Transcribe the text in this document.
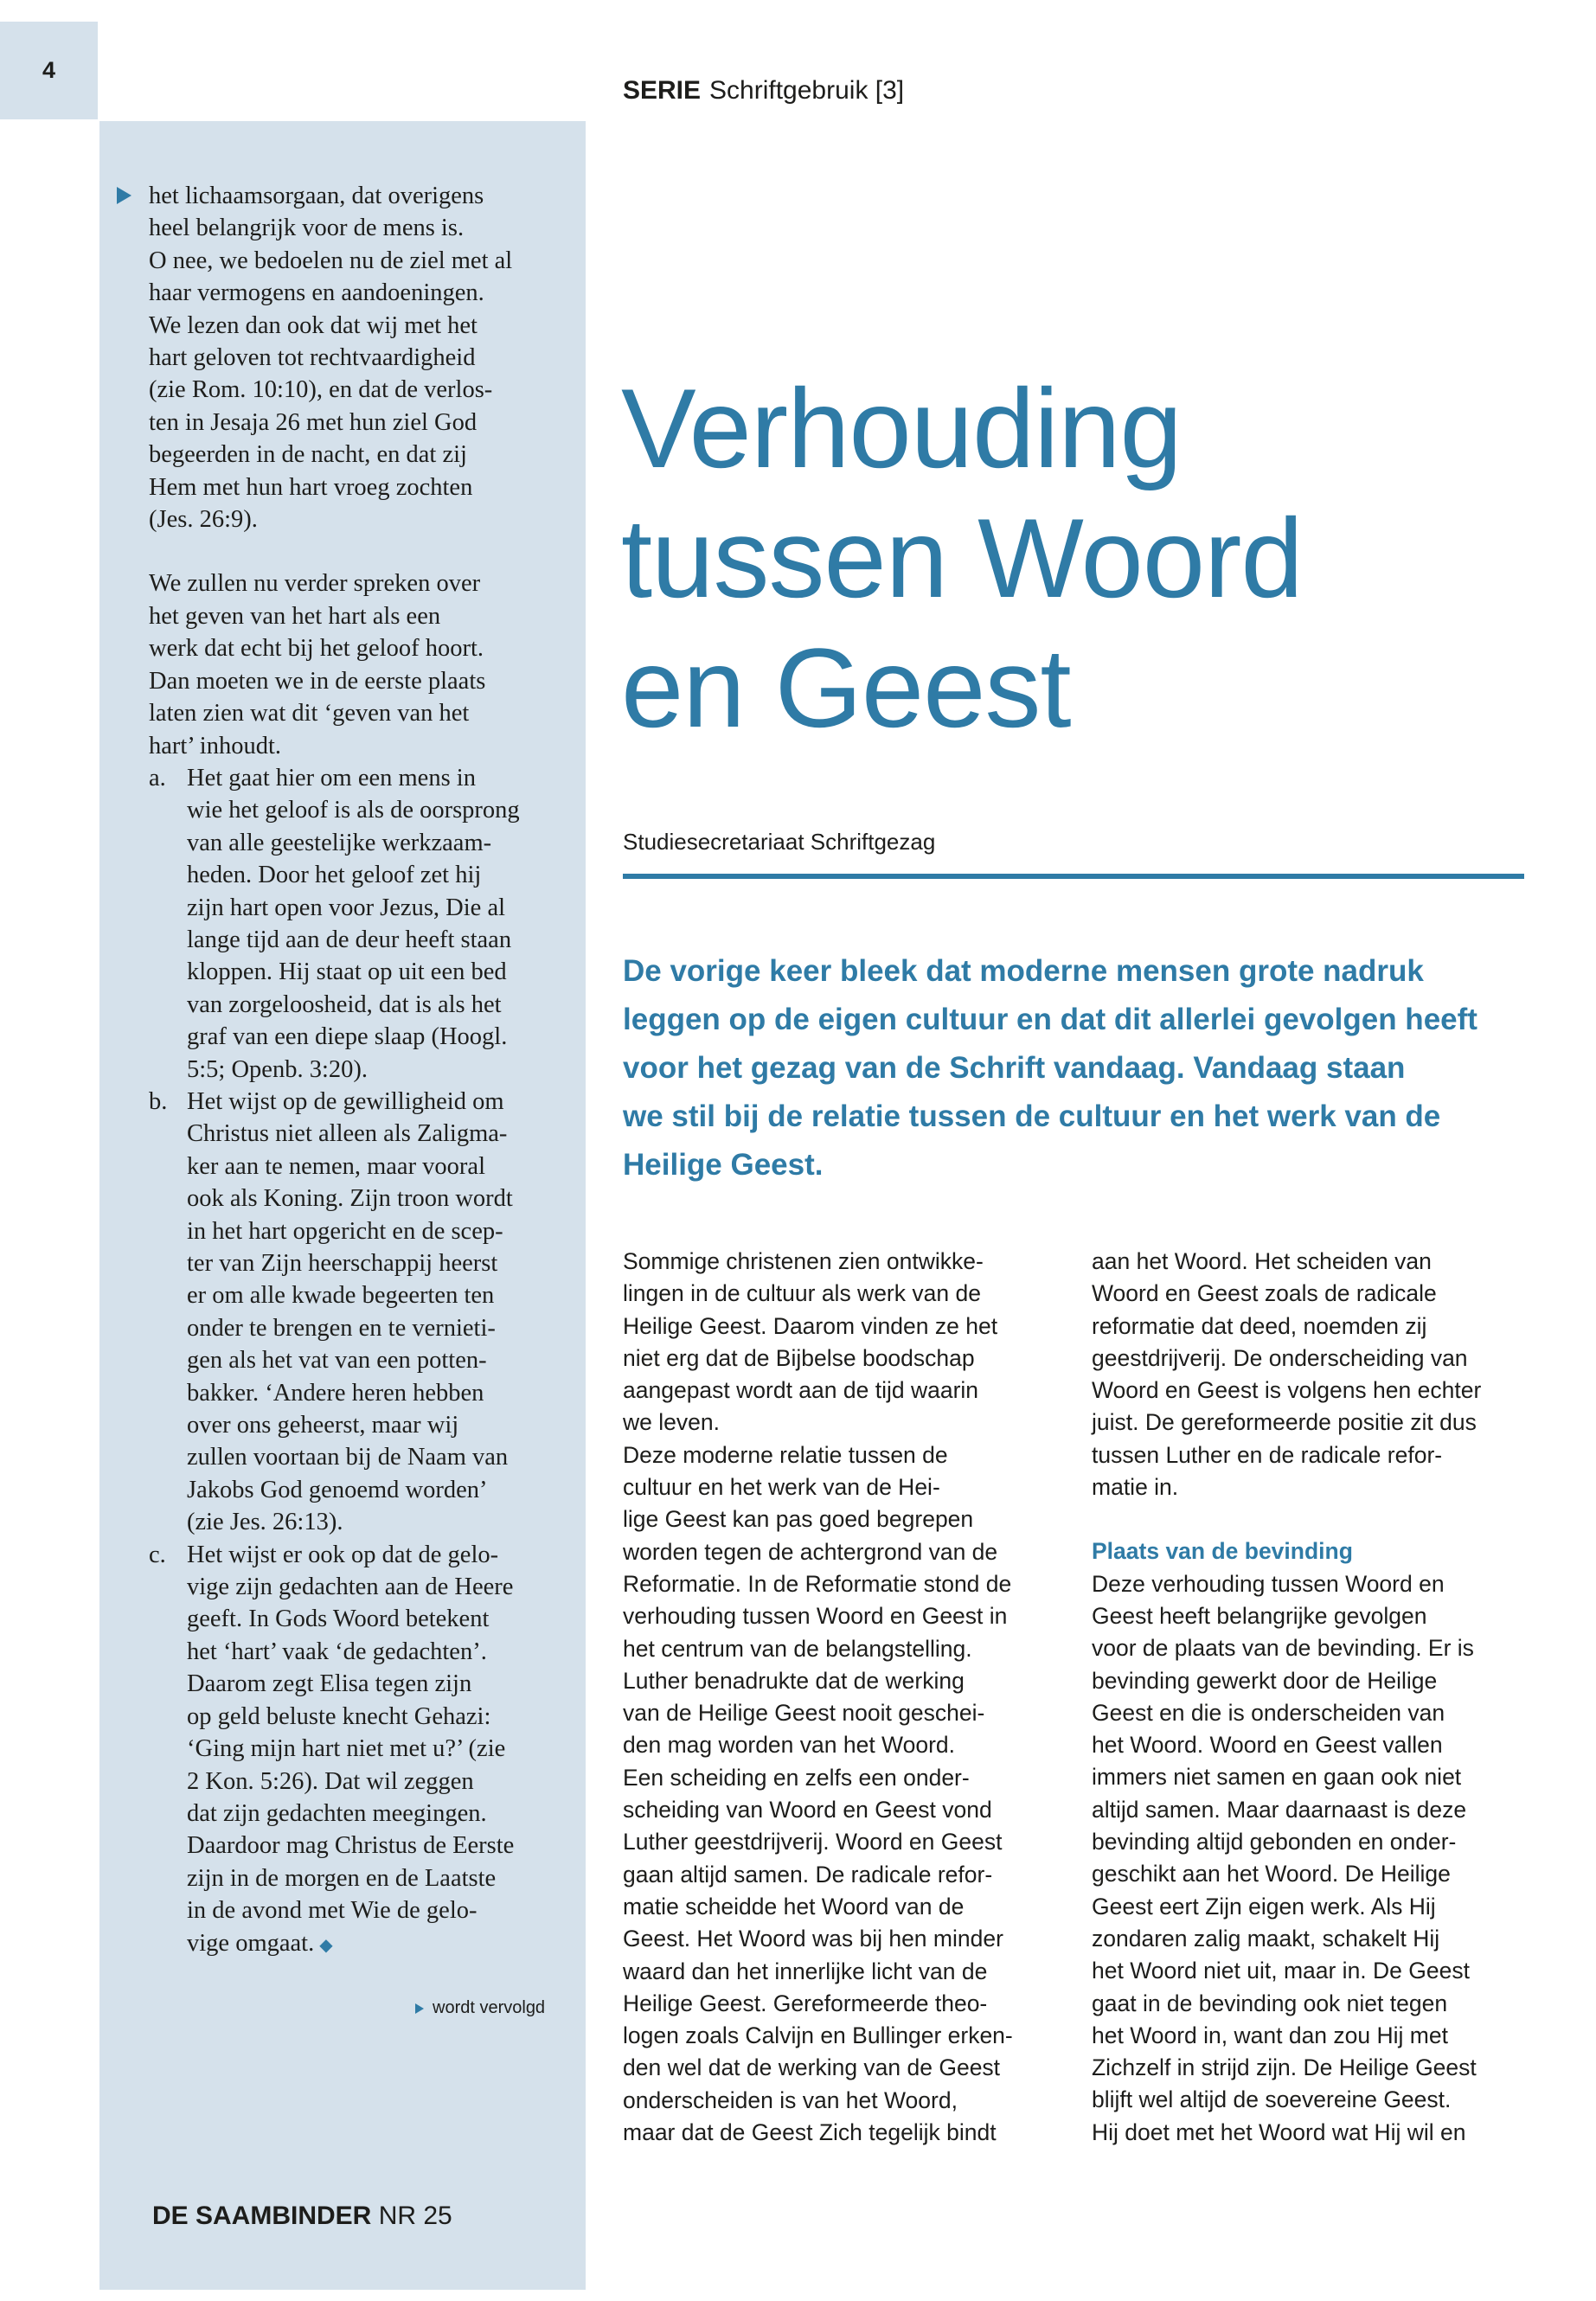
4
SERIE Schriftgebruik [3]

het lichaamsorgaan, dat overigens
heel belangrijk voor de mens is.
O nee, we bedoelen nu de ziel met al
haar vermogens en aandoeningen.
We lezen dan ook dat wij met het
hart geloven tot rechtvaardigheid
(zie Rom. 10:10), en dat de verlos-
ten in Jesaja 26 met hun ziel God
begeerden in de nacht, en dat zij
Hem met hun hart vroeg zochten
(Jes. 26:9).

We zullen nu verder spreken over
het geven van het hart als een
werk dat echt bij het geloof hoort.
Dan moeten we in de eerste plaats
laten zien wat dit ‘geven van het
hart’ inhoudt.

a. Het gaat hier om een mens in
wie het geloof is als de oorsprong
van alle geestelijke werkzaam-
heden. Door het geloof zet hij
zijn hart open voor Jezus, Die al
lange tijd aan de deur heeft staan
kloppen. Hij staat op uit een bed
van zorgeloosheid, dat is als het
graf van een diepe slaap (Hoogl.
5:5; Openb. 3:20).
b. Het wijst op de gewilligheid om
Christus niet alleen als Zaligma-
ker aan te nemen, maar vooral
ook als Koning. Zijn troon wordt
in het hart opgericht en de scep-
ter van Zijn heerschappij heerst
er om alle kwade begeerten ten
onder te brengen en te vernieti-
gen als het vat van een potten-
bakker. ‘Andere heren hebben
over ons geheerst, maar wij
zullen voortaan bij de Naam van
Jakobs God genoemd worden’
(zie Jes. 26:13).
c. Het wijst er ook op dat de gelo-
vige zijn gedachten aan de Heere
geeft. In Gods Woord betekent
het ‘hart’ vaak ‘de gedachten’.
Daarom zegt Elisa tegen zijn
op geld beluste knecht Gehazi:
‘Ging mijn hart niet met u?’ (zie
2 Kon. 5:26). Dat wil zeggen
dat zijn gedachten meegingen.
Daardoor mag Christus de Eerste
zijn in de morgen en de Laatste
in de avond met Wie de gelo-
vige omgaat. ◆
wordt vervolgd
DE SAAMBINDER NR 25
Verhouding
tussen Woord
en Geest
Studiesecretariaat Schriftgezag

De vorige keer bleek dat moderne mensen grote nadruk
leggen op de eigen cultuur en dat dit allerlei gevolgen heeft
voor het gezag van de Schrift vandaag. Vandaag staan
we stil bij de relatie tussen de cultuur en het werk van de
Heilige Geest.

Sommige christenen zien ontwikke-
lingen in de cultuur als werk van de
Heilige Geest. Daarom vinden ze het
niet erg dat de Bijbelse boodschap
aangepast wordt aan de tijd waarin
we leven.

Deze moderne relatie tussen de
cultuur en het werk van de Hei-
lige Geest kan pas goed begrepen
worden tegen de achtergrond van de
Reformatie. In de Reformatie stond de
verhouding tussen Woord en Geest in
het centrum van de belangstelling.
Luther benadrukte dat de werking
van de Heilige Geest nooit geschei-
den mag worden van het Woord.
Een scheiding en zelfs een onder-
scheiding van Woord en Geest vond
Luther geestdrijverij. Woord en Geest
gaan altijd samen. De radicale refor-
matie scheidde het Woord van de
Geest. Het Woord was bij hen minder
waard dan het innerlijke licht van de
Heilige Geest. Gereformeerde theo-
logen zoals Calvijn en Bullinger erken-
den wel dat de werking van de Geest
onderscheiden is van het Woord,
maar dat de Geest Zich tegelijk bindt

aan het Woord. Het scheiden van
Woord en Geest zoals de radicale
reformatie dat deed, noemden zij
geestdrijverij. De onderscheiding van
Woord en Geest is volgens hen echter
juist. De gereformeerde positie zit dus
tussen Luther en de radicale refor-
matie in.

Plaats van de bevinding

Deze verhouding tussen Woord en
Geest heeft belangrijke gevolgen
voor de plaats van de bevinding. Er is
bevinding gewerkt door de Heilige
Geest en die is onderscheiden van
het Woord. Woord en Geest vallen
immers niet samen en gaan ook niet
altijd samen. Maar daarnaast is deze
bevinding altijd gebonden en onder-
geschikt aan het Woord. De Heilige
Geest eert Zijn eigen werk. Als Hij
zondaren zalig maakt, schakelt Hij
het Woord niet uit, maar in. De Geest
gaat in de bevinding ook niet tegen
het Woord in, want dan zou Hij met
Zichzelf in strijd zijn. De Heilige Geest
blijft wel altijd de soevereine Geest.
Hij doet met het Woord wat Hij wil en
